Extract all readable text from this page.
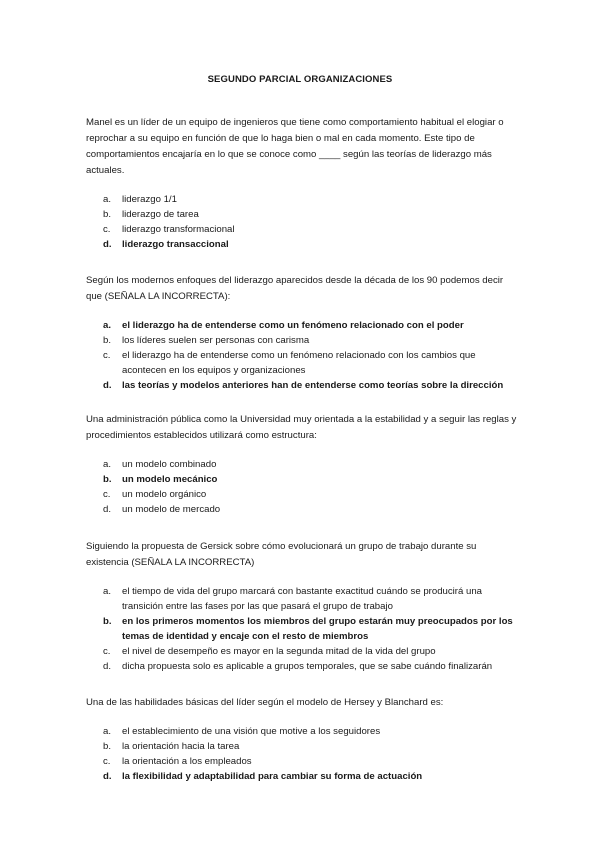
SEGUNDO PARCIAL ORGANIZACIONES

Manel es un líder de un equipo de ingenieros que tiene como comportamiento habitual el elogiar o reprochar a su equipo en función de que lo haga bien o mal en cada momento. Este tipo de comportamientos encajaría en lo que se conoce como ____ según las teorías de liderazgo más actuales.

a. liderazgo 1/1
b. liderazgo de tarea
c. liderazgo transformacional
d. liderazgo transaccional

Según los modernos enfoques del liderazgo aparecidos desde la década de los 90 podemos decir que (SEÑALA LA INCORRECTA):

a. el liderazgo ha de entenderse como un fenómeno relacionado con el poder
b. los líderes suelen ser personas con carisma
c. el liderazgo ha de entenderse como un fenómeno relacionado con los cambios que acontecen en los equipos y organizaciones
d. las teorías y modelos anteriores han de entenderse como teorías sobre la dirección

Una administración pública como la Universidad muy orientada a la estabilidad y a seguir las reglas y procedimientos establecidos utilizará como estructura:

a. un modelo combinado
b. un modelo mecánico
c. un modelo orgánico
d. un modelo de mercado

Siguiendo la propuesta de Gersick sobre cómo evolucionará un grupo de trabajo durante su existencia (SEÑALA LA INCORRECTA)

a. el tiempo de vida del grupo marcará con bastante exactitud cuándo se producirá una transición entre las fases por las que pasará el grupo de trabajo
b. en los primeros momentos los miembros del grupo estarán muy preocupados por los temas de identidad y encaje con el resto de miembros
c. el nivel de desempeño es mayor en la segunda mitad de la vida del grupo
d. dicha propuesta solo es aplicable a grupos temporales, que se sabe cuándo finalizarán

Una de las habilidades básicas del líder según el modelo de Hersey y Blanchard es:

a. el establecimiento de una visión que motive a los seguidores
b. la orientación hacia la tarea
c. la orientación a los empleados
d. la flexibilidad y adaptabilidad para cambiar su forma de actuación
